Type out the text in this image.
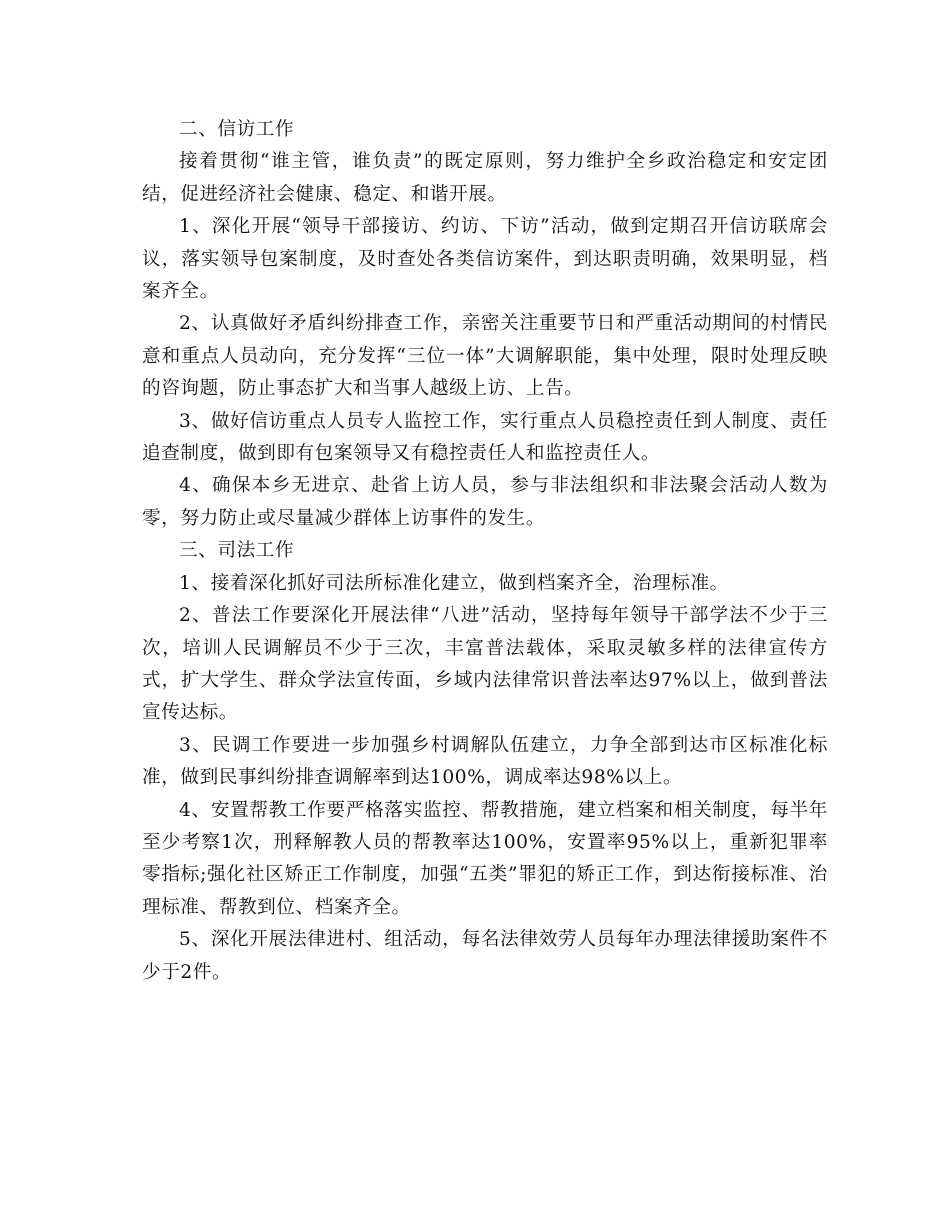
二、信访工作

接着贯彻“谁主管，谁负责”的既定原则，努力维护全乡政治稳定和安定团结，促进经济社会健康、稳定、和谐开展。

1、深化开展“领导干部接访、约访、下访”活动，做到定期召开信访联席会议，落实领导包案制度，及时查处各类信访案件，到达职责明确，效果明显，档案齐全。

2、认真做好矛盾纠纷排查工作，亲密关注重要节日和严重活动期间的村情民意和重点人员动向，充分发挥“三位一体”大调解职能，集中处理，限时处理反映的咨询题，防止事态扩大和当事人越级上访、上告。

3、做好信访重点人员专人监控工作，实行重点人员稳控责任到人制度、责任追查制度，做到即有包案领导又有稳控责任人和监控责任人。

4、确保本乡无进京、赴省上访人员，参与非法组织和非法聚会活动人数为零，努力防止或尽量减少群体上访事件的发生。

三、司法工作

1、接着深化抓好司法所标准化建立，做到档案齐全，治理标准。

2、普法工作要深化开展法律“八进”活动，坚持每年领导干部学法不少于三次，培训人民调解员不少于三次，丰富普法载体，采取灵敏多样的法律宣传方式，扩大学生、群众学法宣传面，乡域内法律常识普法率达97%以上，做到普法宣传达标。

3、民调工作要进一步加强乡村调解队伍建立，力争全部到达市区标准化标准，做到民事纠纷排查调解率到达100%，调成率达98%以上。

4、安置帮教工作要严格落实监控、帮教措施，建立档案和相关制度，每半年至少考察1次，刑释解教人员的帮教率达100%，安置率95%以上，重新犯罪率零指标;强化社区矫正工作制度，加强“五类”罪犯的矫正工作，到达衔接标准、治理标准、帮教到位、档案齐全。

5、深化开展法律进村、组活动，每名法律效劳人员每年办理法律援助案件不少于2件。
